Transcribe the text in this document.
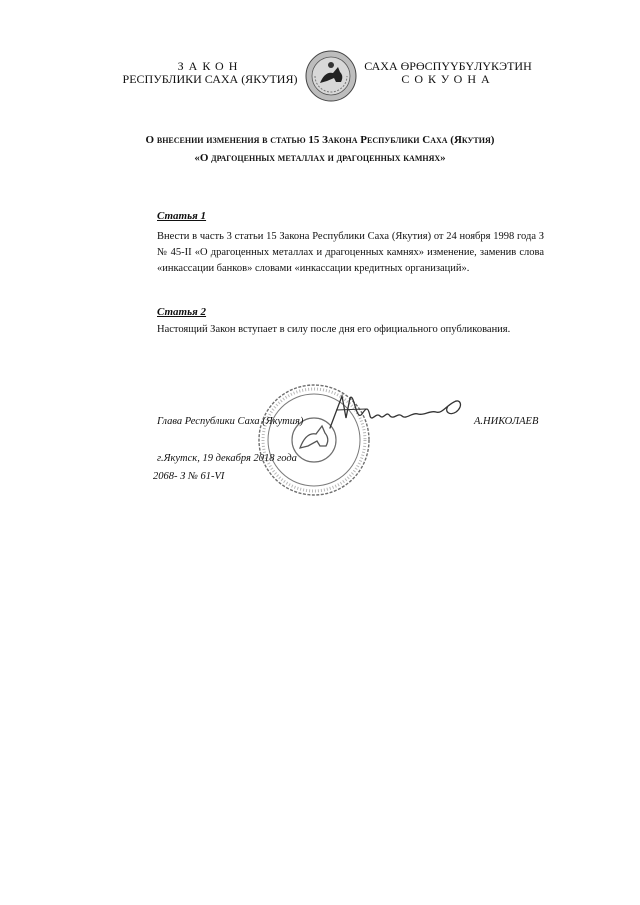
ЗАКОН
РЕСПУБЛИКИ САХА (ЯКУТИЯ)
САХА ӨРӨСПҮҮБҮЛҮКЭТИН
СОКУОНА
О внесении изменения в статью 15 Закона Республики Саха (Якутия)
«О драгоценных металлах и драгоценных камнях»
Статья 1
Внести в часть 3 статьи 15 Закона Республики Саха (Якутия) от 24 ноября 1998 года З № 45-II «О драгоценных металлах и драгоценных камнях» изменение, заменив слова «инкассации банков» словами «инкассации кредитных организаций».
Статья 2
Настоящий Закон вступает в силу после дня его официального опубликования.
Глава Республики Саха (Якутия)	А.НИКОЛАЕВ
г.Якутск, 19 декабря 2018 года
2068- З № 61-VI
